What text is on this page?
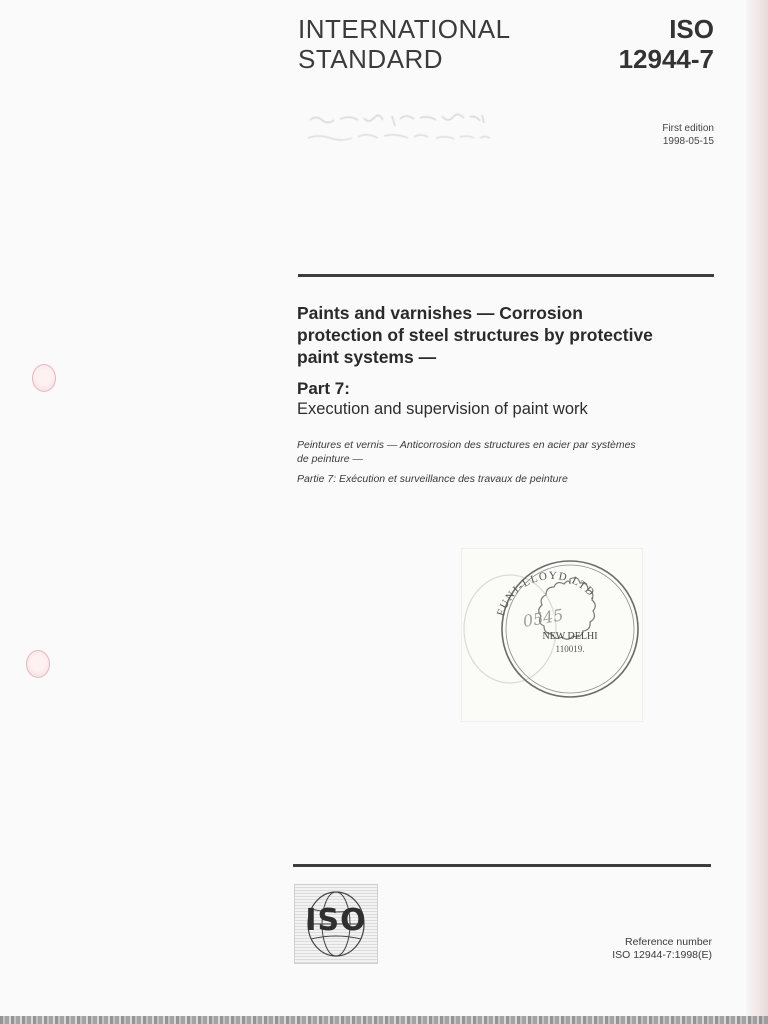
INTERNATIONAL
STANDARD
ISO
12944-7
First edition
1998-05-15
Paints and varnishes — Corrosion
protection of steel structures by protective
paint systems —
Part 7:
Execution and supervision of paint work
Peintures et vernis — Anticorrosion des structures en acier par systèmes
de peinture —
Partie 7: Exécution et surveillance des travaux de peinture
FUNJ-LLOYD LTD.
NEW DELHI
110019.
0545
ISO
Reference number
ISO 12944-7:1998(E)
